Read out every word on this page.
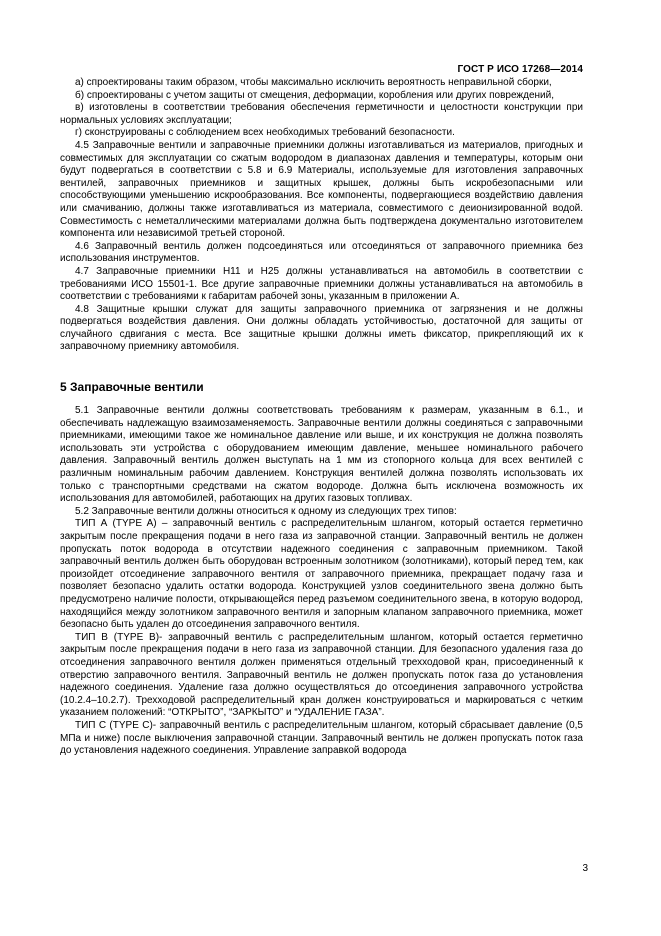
ГОСТ Р ИСО 17268—2014

а) спроектированы таким образом, чтобы максимально исключить вероятность неправильной сборки,

б) спроектированы с учетом защиты от смещения, деформации, коробления или других повреждений,

в) изготовлены в соответствии требования обеспечения герметичности и целостности конструкции при нормальных условиях эксплуатации;

г) сконструированы с соблюдением всех необходимых требований безопасности.

4.5 Заправочные вентили и заправочные приемники должны изготавливаться из материалов, пригодных и совместимых для эксплуатации со сжатым водородом в диапазонах давления и температуры, которым они будут подвергаться в соответствии с 5.8 и 6.9 Материалы, используемые для изготовления заправочных вентилей, заправочных приемников и защитных крышек, должны быть искробезопасными или способствующими уменьшению искрообразования. Все компоненты, подвергающиеся воздействию давления или смачиванию, должны также изготавливаться из материала, совместимого с деионизированной водой. Совместимость с неметаллическими материалами должна быть подтверждена документально изготовителем компонента или независимой третьей стороной.

4.6 Заправочный вентиль должен подсоединяться или отсоединяться от заправочного приемника без использования инструментов.

4.7 Заправочные приемники Н11 и Н25 должны устанавливаться на автомобиль в соответствии с требованиями ИСО 15501-1. Все другие заправочные приемники должны устанавливаться на автомобиль в соответствии с требованиями к габаритам рабочей зоны, указанным в приложении А.

4.8 Защитные крышки служат для защиты заправочного приемника от загрязнения и не должны подвергаться воздействия давления. Они должны обладать устойчивостью, достаточной для защиты от случайного сдвигания с места. Все защитные крышки должны иметь фиксатор, прикрепляющий их к заправочному приемнику автомобиля.

5 Заправочные вентили

5.1 Заправочные вентили должны соответствовать требованиям к размерам, указанным в 6.1., и обеспечивать надлежащую взаимозаменяемость. Заправочные вентили должны соединяться с заправочными приемниками, имеющими такое же номинальное давление или выше, и их конструкция не должна позволять использовать эти устройства с оборудованием имеющим давление, меньшее номинального рабочего давления. Заправочный вентиль должен выступать на 1 мм из стопорного кольца для всех вентилей с различным номинальным рабочим давлением. Конструкция вентилей должна позволять использовать их только с транспортными средствами на сжатом водороде. Должна быть исключена возможность их использования для автомобилей, работающих на других газовых топливах.

5.2 Заправочные вентили должны относиться к одному из следующих трех типов:

ТИП А (TYPE A) – заправочный вентиль с распределительным шлангом, который остается герметично закрытым после прекращения подачи в него газа из заправочной станции. Заправочный вентиль не должен пропускать поток водорода в отсутствии надежного соединения с заправочным приемником. Такой заправочный вентиль должен быть оборудован встроенным золотником (золотниками), который перед тем, как произойдет отсоединение заправочного вентиля от заправочного приемника, прекращает подачу газа и позволяет безопасно удалить остатки водорода. Конструкцией узлов соединительного звена должно быть предусмотрено наличие полости, открывающейся перед разъемом соединительного звена, в которую водород, находящийся между золотником заправочного вентиля и запорным клапаном заправочного приемника, может безопасно быть удален до отсоединения заправочного вентиля.

ТИП В (TYPE B)- заправочный вентиль с распределительным шлангом, который остается герметично закрытым после прекращения подачи в него газа из заправочной станции. Для безопасного удаления газа до отсоединения заправочного вентиля должен применяться отдельный трехходовой кран, присоединенный к отверстию заправочного вентиля. Заправочный вентиль не должен пропускать поток газа до установления надежного соединения. Удаление газа должно осуществляться до отсоединения заправочного устройства (10.2.4–10.2.7). Трехходовой распределительный кран должен конструироваться и маркироваться с четким указанием положений: “ОТКРЫТО”, “ЗАРКЫТО” и “УДАЛЕНИЕ ГАЗА”.

ТИП С (TYPE C)- заправочный вентиль с распределительным шлангом, который сбрасывает давление (0,5 МПа и ниже) после выключения заправочной станции. Заправочный вентиль не должен пропускать поток газа до установления надежного соединения. Управление заправкой водорода

3
